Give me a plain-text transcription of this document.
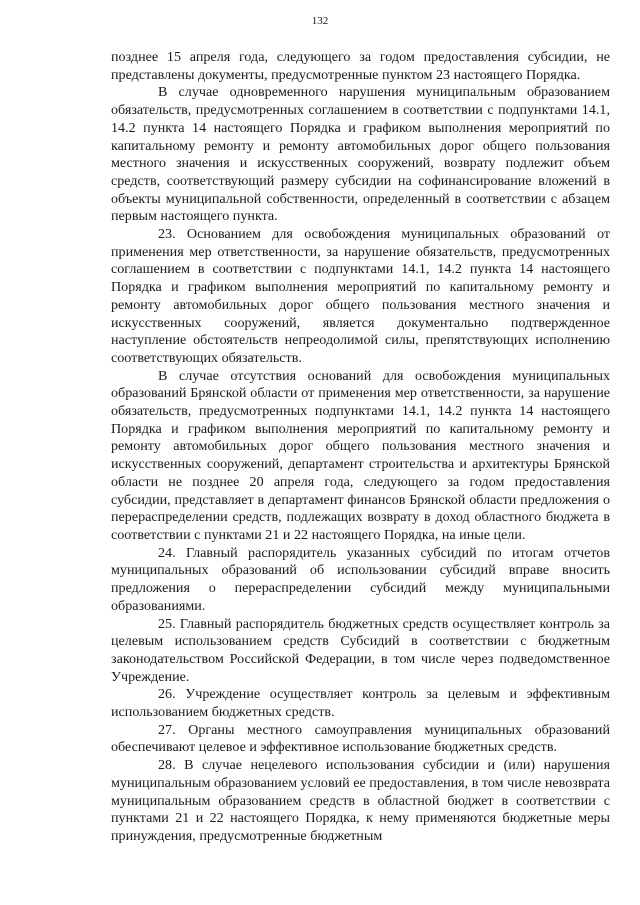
132

позднее 15 апреля года, следующего за годом предоставления субсидии, не представлены документы, предусмотренные пунктом 23 настоящего Порядка.

В случае одновременного нарушения муниципальным образованием обязательств, предусмотренных соглашением в соответствии с подпунктами 14.1, 14.2 пункта 14 настоящего Порядка и графиком выполнения мероприятий по капитальному ремонту и ремонту автомобильных дорог общего пользования местного значения и искусственных сооружений, возврату подлежит объем средств, соответствующий размеру субсидии на софинансирование вложений в объекты муниципальной собственности, определенный в соответствии с абзацем первым настоящего пункта.

23. Основанием для освобождения муниципальных образований от применения мер ответственности, за нарушение обязательств, предусмотренных соглашением в соответствии с подпунктами 14.1, 14.2 пункта 14 настоящего Порядка и графиком выполнения мероприятий по капитальному ремонту и ремонту автомобильных дорог общего пользования местного значения и искусственных сооружений, является документально подтвержденное наступление обстоятельств непреодолимой силы, препятствующих исполнению соответствующих обязательств.

В случае отсутствия оснований для освобождения муниципальных образований Брянской области от применения мер ответственности, за нарушение обязательств, предусмотренных подпунктами 14.1, 14.2 пункта 14 настоящего Порядка и графиком выполнения мероприятий по капитальному ремонту и ремонту автомобильных дорог общего пользования местного значения и искусственных сооружений, департамент строительства и архитектуры Брянской области не позднее 20 апреля года, следующего за годом предоставления субсидии, представляет в департамент финансов Брянской области предложения о перераспределении средств, подлежащих возврату в доход областного бюджета в соответствии с пунктами 21 и 22 настоящего Порядка, на иные цели.

24. Главный распорядитель указанных субсидий по итогам отчетов муниципальных образований об использовании субсидий вправе вносить предложения о перераспределении субсидий между муниципальными образованиями.

25. Главный распорядитель бюджетных средств осуществляет контроль за целевым использованием средств Субсидий в соответствии с бюджетным законодательством Российской Федерации, в том числе через подведомственное Учреждение.

26. Учреждение осуществляет контроль за целевым и эффективным использованием бюджетных средств.

27. Органы местного самоуправления муниципальных образований обеспечивают целевое и эффективное использование бюджетных средств.

28. В случае нецелевого использования субсидии и (или) нарушения муниципальным образованием условий ее предоставления, в том числе невозврата муниципальным образованием средств в областной бюджет в соответствии с пунктами 21 и 22 настоящего Порядка, к нему применяются бюджетные меры принуждения, предусмотренные бюджетным
